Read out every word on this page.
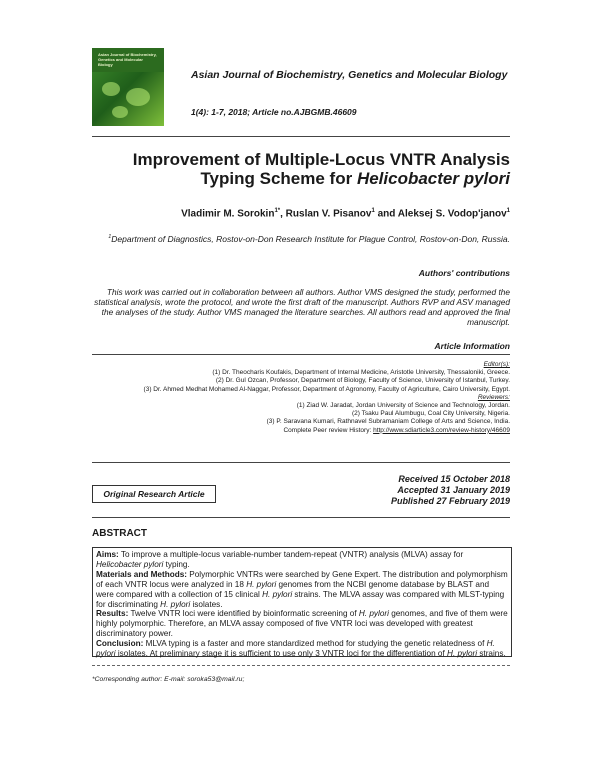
Asian Journal of Biochemistry, Genetics and Molecular Biology
Asian Journal of Biochemistry, Genetics and Molecular Biology
1(4): 1-7, 2018; Article no.AJBGMB.46609
Improvement of Multiple-Locus VNTR Analysis
Typing Scheme for Helicobacter pylori
Vladimir M. Sorokin$^{1*}$, Ruslan V. Pisanov$^1$ and Aleksej S. Vodop'janov$^1$
$^1$Department of Diagnostics, Rostov-on-Don Research Institute for Plague Control, Rostov-on-Don, Russia.
Authors' contributions
This work was carried out in collaboration between all authors. Author VMS designed the study, performed the statistical analysis, wrote the protocol, and wrote the first draft of the manuscript. Authors RVP and ASV managed the analyses of the study. Author VMS managed the literature searches. All authors read and approved the final manuscript.
Article Information
Editor(s):
(1) Dr. Theocharis Koufakis, Department of Internal Medicine, Aristotle University, Thessaloniki, Greece.
(2) Dr. Gul Ozcan, Professor, Department of Biology, Faculty of Science, University of Istanbul, Turkey.
(3) Dr. Ahmed Medhat Mohamed Al-Naggar, Professor, Department of Agronomy, Faculty of Agriculture, Cairo University, Egypt.
Reviewers:
(1) Ziad W. Jaradat, Jordan University of Science and Technology, Jordan.
(2) Tsaku Paul Alumbugu, Coal City University, Nigeria.
(3) P. Saravana Kumari, Rathnavel Subramaniam College of Arts and Science, India.
Complete Peer review History: http://www.sdiarticle3.com/review-history/46609
Original Research Article
Received 15 October 2018
Accepted 31 January 2019
Published 27 February 2019
ABSTRACT

Aims: To improve a multiple-locus variable-number tandem-repeat (VNTR) analysis (MLVA) assay for Helicobacter pylori typing.

Materials and Methods: Polymorphic VNTRs were searched by Gene Expert. The distribution and polymorphism of each VNTR locus were analyzed in 18 H. pylori genomes from the NCBI genome database by BLAST and were compared with a collection of 15 clinical H. pylori strains. The MLVA assay was compared with MLST-typing for discriminating H. pylori isolates.

Results: Twelve VNTR loci were identified by bioinformatic screening of H. pylori genomes, and five of them were highly polymorphic. Therefore, an MLVA assay composed of five VNTR loci was developed with greatest discriminatory power.

Conclusion: MLVA typing is a faster and more standardized method for studying the genetic relatedness of H. pylori isolates. At preliminary stage it is sufficient to use only 3 VNTR loci for the differentiation of H. pylori strains.

*Corresponding author: E-mail: soroka53@mail.ru;
